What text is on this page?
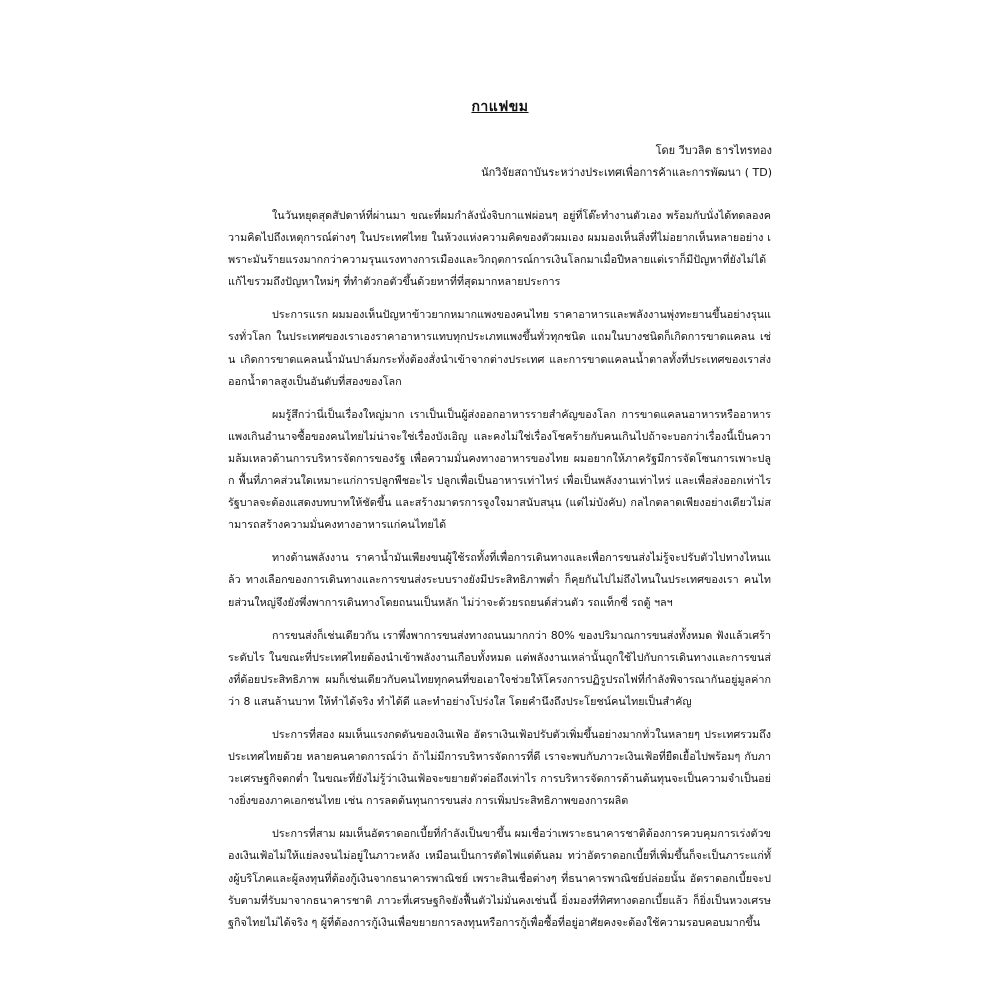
กาแฟขม
โดย วีบวลิต ธารไทรทอง
นักวิจัยสถาบันระหว่างประเทศเพื่อการค้าและการพัฒนา ( TD)

ในวันหยุดสุดสัปดาห์ที่ผ่านมา ขณะที่ผมกำลังนั่งจิบกาแฟผ่อนๆ อยู่ที่โต๊ะทำงานตัวเอง พร้อมกับนั่งได้ทดลองความคิดไปถึงเหตุการณ์ต่างๆ ในประเทศไทย ในห้วงแห่งความคิดของตัวผมเอง ผมมองเห็นสิ่งที่ไม่อยากเห็นหลายอย่าง เพราะมันร้ายแรงมากกว่าความรุนแรงทางการเมืองและวิกฤตการณ์การเงินโลกมาเมื่อปีหลายแต่เราก็มีปัญหาที่ยังไม่ได้แก้ไขรวมถึงปัญหาใหม่ๆ ที่ทำตัวกอตัวขึ้นด้วยหาที่ที่สุดมากหลายประการ

ประการแรก ผมมองเห็นปัญหาข้าวยากหมากแพงของคนไทย ราคาอาหารและพลังงานพุ่งทะยานขึ้นอย่างรุนแรงทั่วโลก ในประเทศของเราเองราคาอาหารแทบทุกประเภทแพงขึ้นทั่วทุกชนิด แถมในบางชนิดก็เกิดการขาดแคลน เช่น เกิดการขาดแคลนน้ำมันปาล์มกระทั่งต้องสั่งนำเข้าจากต่างประเทศ และการขาดแคลนน้ำตาลทั้งที่ประเทศของเราส่งออกน้ำตาลสูงเป็นอันดับที่สองของโลก

ผมรู้สึกว่านี่เป็นเรื่องใหญ่มาก เราเป็นเป็นผู้ส่งออกอาหารรายสำคัญของโลก การขาดแคลนอาหารหรืออาหารแพงเกินอำนาจซื้อของคนไทยไม่น่าจะใช่เรื่องบังเอิญ และคงไม่ใช่เรื่องโชคร้ายกับคนเกินไปถ้าจะบอกว่าเรื่องนี้เป็นความล้มเหลวด้านการบริหารจัดการของรัฐ เพื่อความมั่นคงทางอาหารของไทย ผมอยากให้ภาครัฐมีการจัดโซนการเพาะปลูก พื้นที่ภาคส่วนใดเหมาะแก่การปลูกพืชอะไร ปลูกเพื่อเป็นอาหารเท่าไหร่ เพื่อเป็นพลังงานเท่าไหร่ และเพื่อส่งออกเท่าไร รัฐบาลจะต้องแสดงบทบาทให้ชัดขึ้น และสร้างมาตรการจูงใจมาสนับสนุน (แต่ไม่บังคับ) กลไกตลาดเพียงอย่างเดียวไม่สามารถสร้างความมั่นคงทางอาหารแก่คนไทยได้

ทางด้านพลังงาน ราคาน้ำมันเพียงขนผู้ใช้รถทั้งที่เพื่อการเดินทางและเพื่อการขนส่งไม่รู้จะปรับตัวไปทางไหนแล้ว ทางเลือกของการเดินทางและการขนส่งระบบรางยังมีประสิทธิภาพต่ำ ก็คุยกันไปไม่ถึงไหนในประเทศของเรา คนไทยส่วนใหญ่จึงยังพึ่งพาการเดินทางโดยถนนเป็นหลัก ไม่ว่าจะด้วยรถยนต์ส่วนตัว รถแท็กซี่ รถตู้ ฯลฯ

การขนส่งก็เช่นเดียวกัน เราพึ่งพาการขนส่งทางถนนมากกว่า 80% ของปริมาณการขนส่งทั้งหมด ฟังแล้วเศร้าระดับไร ในขณะที่ประเทศไทยต้องนำเข้าพลังงานเกือบทั้งหมด แต่พลังงานเหล่านั้นถูกใช้ไปกับการเดินทางและการขนส่งที่ด้อยประสิทธิภาพ ผมก็เช่นเดียวกับคนไทยทุกคนที่ขอเอาใจช่วยให้โครงการปฏิรูปรถไฟที่กำลังพิจารณากันอยู่มูลค่ากว่า 8 แสนล้านบาท ให้ทำได้จริง ทำได้ดี และทำอย่างโปร่งใส โดยคำนึงถึงประโยชน์คนไทยเป็นสำคัญ

ประการที่สอง ผมเห็นแรงกดดันของเงินเฟ้อ อัตราเงินเฟ้อปรับตัวเพิ่มขึ้นอย่างมากทั่วในหลายๆ ประเทศรวมถึงประเทศไทยด้วย หลายคนคาดการณ์ว่า ถ้าไม่มีการบริหารจัดการที่ดี เราจะพบกับภาวะเงินเฟ้อที่ยืดเยื้อไปพร้อมๆ กับภาวะเศรษฐกิจตกต่ำ ในขณะที่ยังไม่รู้ว่าเงินเฟ้อจะขยายตัวต่อถึงเท่าไร การบริหารจัดการด้านต้นทุนจะเป็นความจำเป็นอย่างยิ่งของภาคเอกชนไทย เช่น การลดต้นทุนการขนส่ง การเพิ่มประสิทธิภาพของการผลิต

ประการที่สาม ผมเห็นอัตราดอกเบี้ยที่กำลังเป็นขาขึ้น ผมเชื่อว่าเพราะธนาคารชาติต้องการควบคุมการเร่งตัวของเงินเฟ้อไม่ให้แย่ลงจนไม่อยู่ในภาวะหลัง เหมือนเป็นการตัดไฟแต่ต้นลม ทว่าอัตราดอกเบี้ยที่เพิ่มขึ้นก็จะเป็นภาระแก่ทั้งผู้บริโภคและผู้ลงทุนที่ต้องกู้เงินจากธนาคารพาณิชย์ เพราะสินเชื่อต่างๆ ที่ธนาคารพาณิชย์ปล่อยนั้น อัตราดอกเบี้ยจะปรับตามที่รับมาจากธนาคารชาติ ภาวะที่เศรษฐกิจยังฟื้นตัวไม่มั่นคงเช่นนี้ ยิ่งมองที่ทิศทางดอกเบี้ยแล้ว ก็ยิ่งเป็นหวงเศรษฐกิจไทยไม่ได้จริง ๆ ผู้ที่ต้องการกู้เงินเพื่อขยายการลงทุนหรือการกู้เพื่อซื้อที่อยู่อาศัยคงจะต้องใช้ความรอบคอบมากขึ้น
